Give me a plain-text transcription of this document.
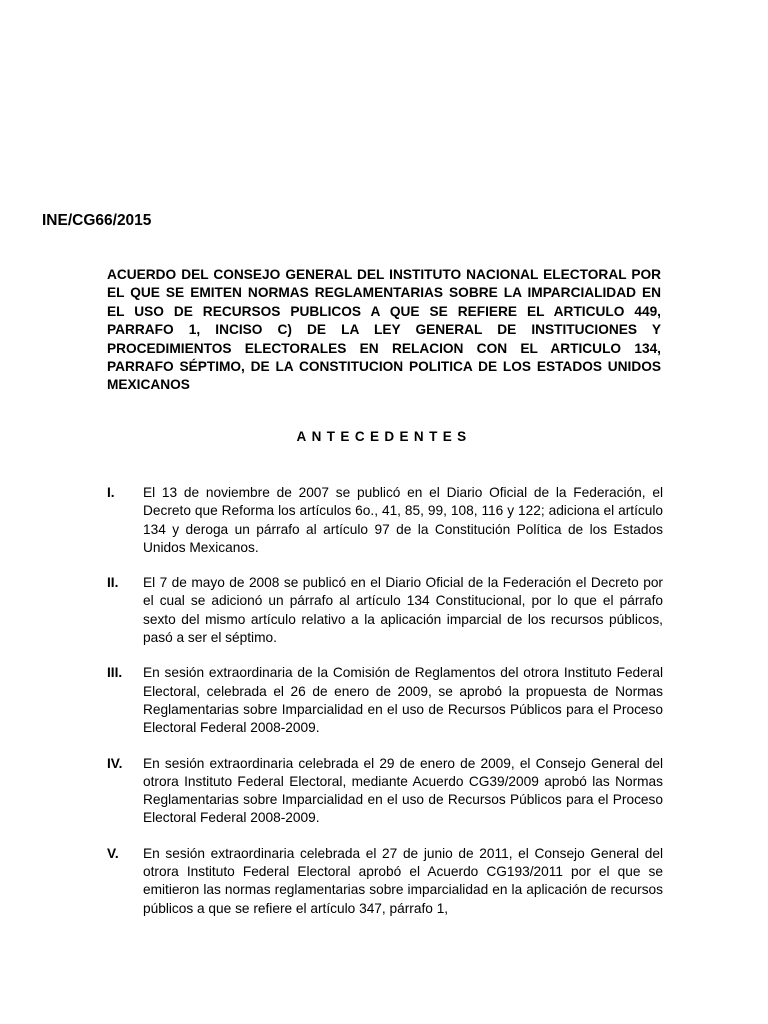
INE/CG66/2015

ACUERDO DEL CONSEJO GENERAL DEL INSTITUTO NACIONAL ELECTORAL POR EL QUE SE EMITEN NORMAS REGLAMENTARIAS SOBRE LA IMPARCIALIDAD EN EL USO DE RECURSOS PUBLICOS A QUE SE REFIERE EL ARTICULO 449, PARRAFO 1, INCISO C) DE LA LEY GENERAL DE INSTITUCIONES Y PROCEDIMIENTOS ELECTORALES EN RELACION CON EL ARTICULO 134, PARRAFO SÉPTIMO, DE LA CONSTITUCION POLITICA DE LOS ESTADOS UNIDOS MEXICANOS

ANTECEDENTES

I.	El 13 de noviembre de 2007 se publicó en el Diario Oficial de la Federación, el Decreto que Reforma los artículos 6o., 41, 85, 99, 108, 116 y 122; adiciona el artículo 134 y deroga un párrafo al artículo 97 de la Constitución Política de los Estados Unidos Mexicanos.

II.	El 7 de mayo de 2008 se publicó en el Diario Oficial de la Federación el Decreto por el cual se adicionó un párrafo al artículo 134 Constitucional, por lo que el párrafo sexto del mismo artículo relativo a la aplicación imparcial de los recursos públicos, pasó a ser el séptimo.

III.	En sesión extraordinaria de la Comisión de Reglamentos del otrora Instituto Federal Electoral, celebrada el 26 de enero de 2009, se aprobó la propuesta de Normas Reglamentarias sobre Imparcialidad en el uso de Recursos Públicos para el Proceso Electoral Federal 2008-2009.

IV.	En sesión extraordinaria celebrada el 29 de enero de 2009, el Consejo General del otrora Instituto Federal Electoral, mediante Acuerdo CG39/2009 aprobó las Normas Reglamentarias sobre Imparcialidad en el uso de Recursos Públicos para el Proceso Electoral Federal 2008-2009.

V.	En sesión extraordinaria celebrada el 27 de junio de 2011, el Consejo General del otrora Instituto Federal Electoral aprobó el Acuerdo CG193/2011 por el que se emitieron las normas reglamentarias sobre imparcialidad en la aplicación de recursos públicos a que se refiere el artículo 347, párrafo 1,
